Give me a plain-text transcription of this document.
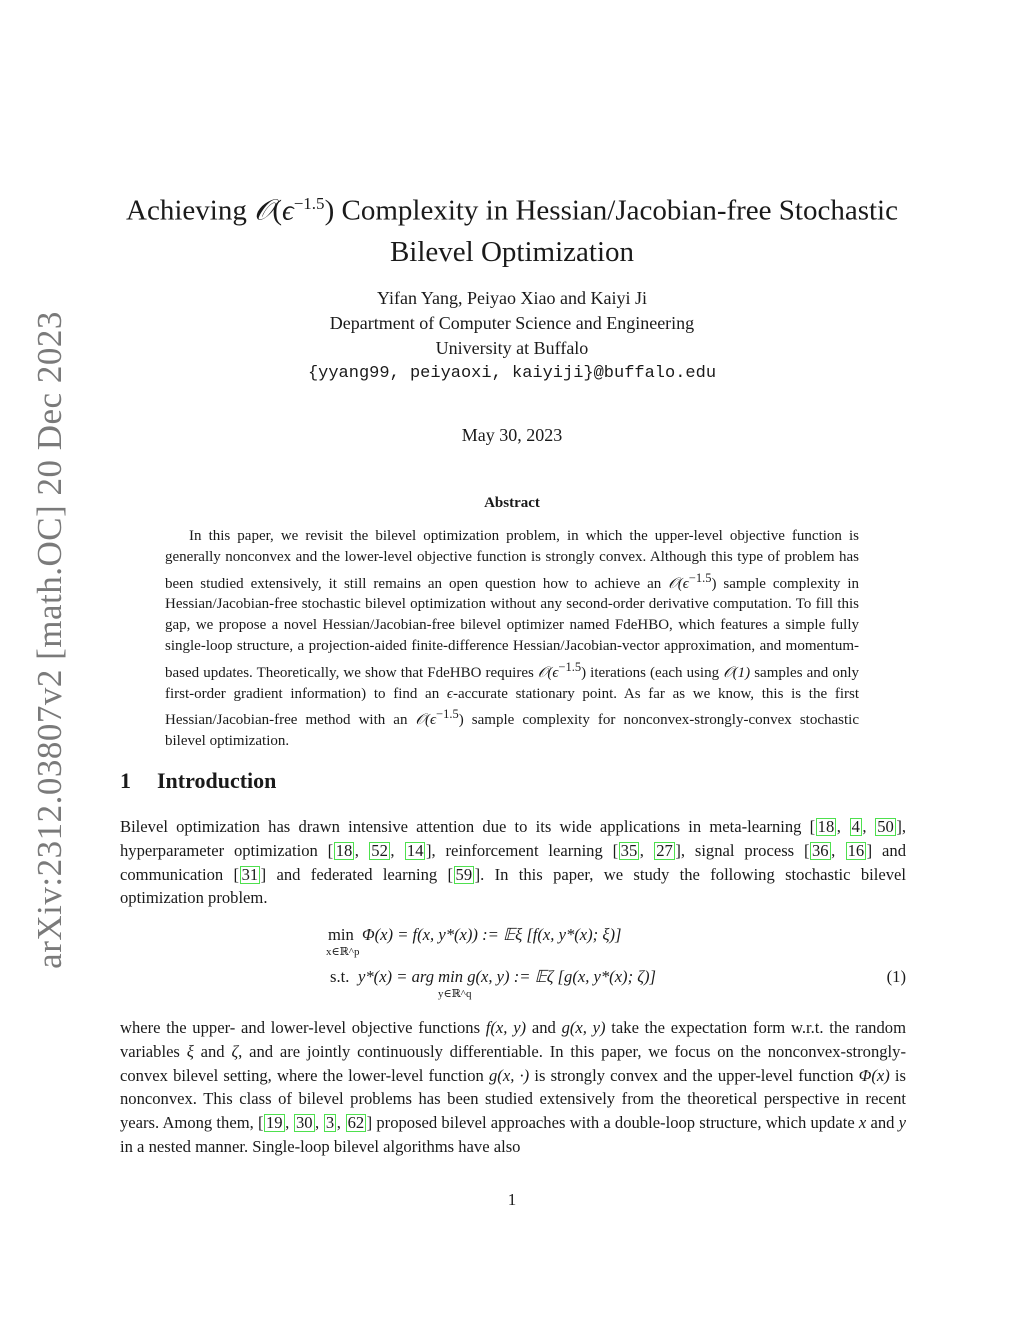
arXiv:2312.03807v2 [math.OC] 20 Dec 2023
Achieving $𝒪(\epsilon^{-1.5})$ Complexity in Hessian/Jacobian-free Stochastic
Bilevel Optimization
Yifan Yang, Peiyao Xiao and Kaiyi Ji
Department of Computer Science and Engineering
University at Buffalo
{yyang99, peiyaoxi, kaiyiji}@buffalo.edu
May 30, 2023
Abstract

In this paper, we revisit the bilevel optimization problem, in which the upper-level objective function is generally nonconvex and the lower-level objective function is strongly convex. Although this type of problem has been studied extensively, it still remains an open question how to achieve an $𝒪(\epsilon^{-1.5})$ sample complexity in Hessian/Jacobian-free stochastic bilevel optimization without any second-order derivative computation. To fill this gap, we propose a novel Hessian/Jacobian-free bilevel optimizer named FdeHBO, which features a simple fully single-loop structure, a projection-aided finite-difference Hessian/Jacobian-vector approximation, and momentum-based updates. Theoretically, we show that FdeHBO requires $𝒪(\epsilon^{-1.5})$ iterations (each using 𝒪(1) samples and only first-order gradient information) to find an ϵ-accurate stationary point. As far as we know, this is the first Hessian/Jacobian-free method with an $𝒪(\epsilon^{-1.5})$ sample complexity for nonconvex-strongly-convex stochastic bilevel optimization.

1 Introduction

Bilevel optimization has drawn intensive attention due to its wide applications in meta-learning [ 18 , 4 , 50 ], hyperparameter optimization [ 18 , 52 , 14 ], reinforcement learning [ 35 , 27 ], signal process [ 36 , 16 ] and communication [ 31 ] and federated learning [ 59 ]. In this paper, we study the following stochastic bilevel optimization problem.

min
x∈ℝ^p
Φ(x) = f(x, y*(x)) := 𝔼ξ [f(x, y*(x); ξ)]
s.t. y*(x) = arg min g(x, y) := 𝔼ζ [g(x, y*(x); ζ)]
y∈ℝ^q
(1)

where the upper- and lower-level objective functions f(x, y) and g(x, y) take the expectation form w.r.t. the random variables ξ and ζ, and are jointly continuously differentiable. In this paper, we focus on the nonconvex-strongly-convex bilevel setting, where the lower-level function g(x, ·) is strongly convex and the upper-level function Φ(x) is nonconvex. This class of bilevel problems has been studied extensively from the theoretical perspective in recent years. Among them, [ 19 , 30 , 3 , 62 ] proposed bilevel approaches with a double-loop structure, which update x and y in a nested manner. Single-loop bilevel algorithms have also

1
